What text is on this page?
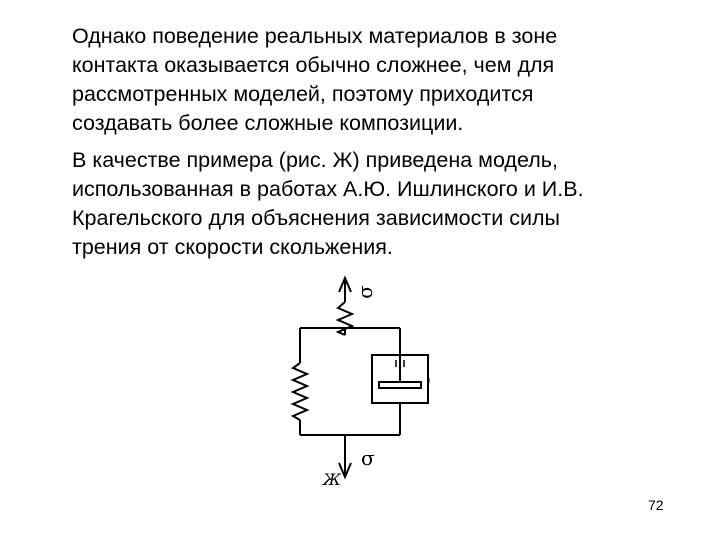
Однако поведение реальных материалов в зоне
контакта оказывается обычно сложнее, чем для
рассмотренных моделей, поэтому приходится
создавать более сложные композиции.

В качестве примера (рис. Ж) приведена модель,
использованная в работах А.Ю. Ишлинского и И.В.
Крагельского для объяснения зависимости силы
трения от скорости скольжения.

σ
σ
Ж
72
